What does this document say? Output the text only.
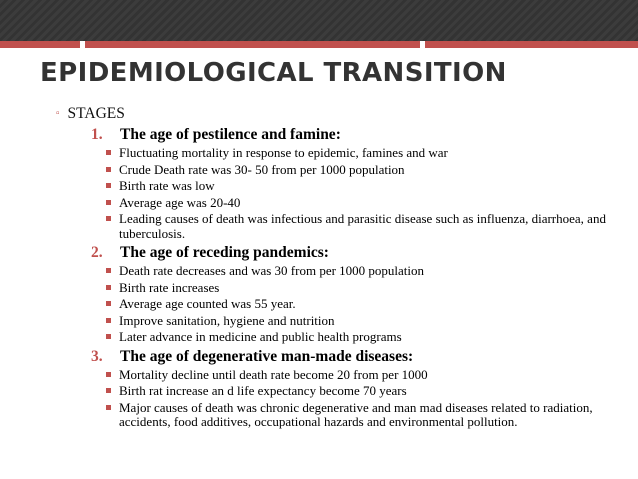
EPIDEMIOLOGICAL TRANSITION
▫ STAGES
1.	The age of pestilence and famine:
Fluctuating mortality in response to epidemic, famines and war
Crude Death rate was 30- 50 from per 1000 population
Birth rate was low
Average age was 20-40
Leading causes of death was infectious and parasitic disease such as influenza, diarrhoea, and tuberculosis.
2.	The age of receding pandemics:
Death rate decreases and was 30 from per 1000 population
Birth rate increases
Average age counted was 55 year.
Improve sanitation, hygiene and nutrition
Later advance in medicine and public health programs
3.	The age of degenerative man-made diseases:
Mortality decline until death rate become 20 from per 1000
Birth rat increase an d life expectancy become 70 years
Major causes of death was chronic degenerative and man mad diseases related to radiation, accidents, food additives, occupational hazards and environmental pollution.
